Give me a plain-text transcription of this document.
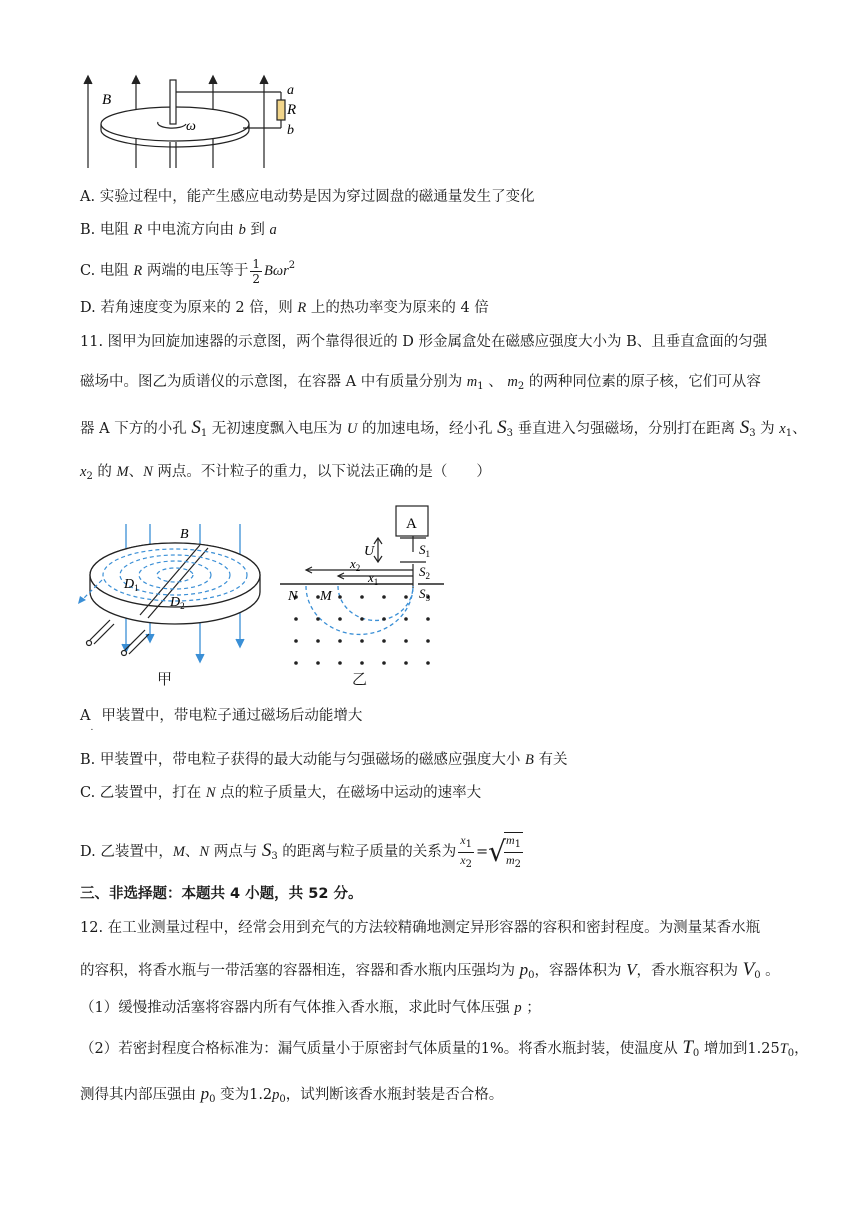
B
ω
a
R
b
A. 实验过程中，能产生感应电动势是因为穿过圆盘的磁通量发生了变化
B. 电阻 R 中电流方向由 b 到 a
C. 电阻 R 两端的电压等于 $\frac{1}{2} B\omega r^2$
D. 若角速度变为原来的 2 倍，则 R 上的热功率变为原来的 4 倍
11. 图甲为回旋加速器的示意图，两个靠得很近的 D 形金属盒处在磁感应强度大小为 B、且垂直盒面的匀强
磁场中。图乙为质谱仪的示意图，在容器 A 中有质量分别为 $m_1$ 、 $m_2$ 的两种同位素的原子核，它们可从容
器 A 下方的小孔 $S_1$ 无初速度飘入电压为 U 的加速电场，经小孔 $S_3$ 垂直进入匀强磁场，分别打在距离 $S_3$ 为 $x_1$、
$x_2$ 的 M、N 两点。不计粒子的重力，以下说法正确的是（　　）
B
$D_1$
$D_2$
甲
A
U	$S_1$
$S_2$
$S_3$
$x_2$
$x_1$
N M
乙
$A_.$甲装置中，带电粒子通过磁场后动能增大
B. 甲装置中，带电粒子获得的最大动能与匀强磁场的磁感应强度大小 B 有关
C. 乙装置中，打在 N 点的粒子质量大，在磁场中运动的速率大
D. 乙装置中，M、N 两点与 $S_3$ 的距离与粒子质量的关系为 $\frac{x_1}{x_2}$ =√
$\frac{m_1}{m_2}$
三、非选择题：本题共 4 小题，共 52 分。
12. 在工业测量过程中，经常会用到充气的方法较精确地测定异形容器的容积和密封程度。为测量某香水瓶
的容积，将香水瓶与一带活塞的容器相连，容器和香水瓶内压强均为 $p_0$，容器体积为 V，香水瓶容积为 $V_0$ 。
（1）缓慢推动活塞将容器内所有气体推入香水瓶，求此时气体压强 p ；
（2）若密封程度合格标准为：漏气质量小于原密封气体质量的1%。将香水瓶封装，使温度从 $T_0$ 增加到$1.25T_0$，
测得其内部压强由 $p_0$ 变为$1.2p_0$，试判断该香水瓶封装是否合格。
